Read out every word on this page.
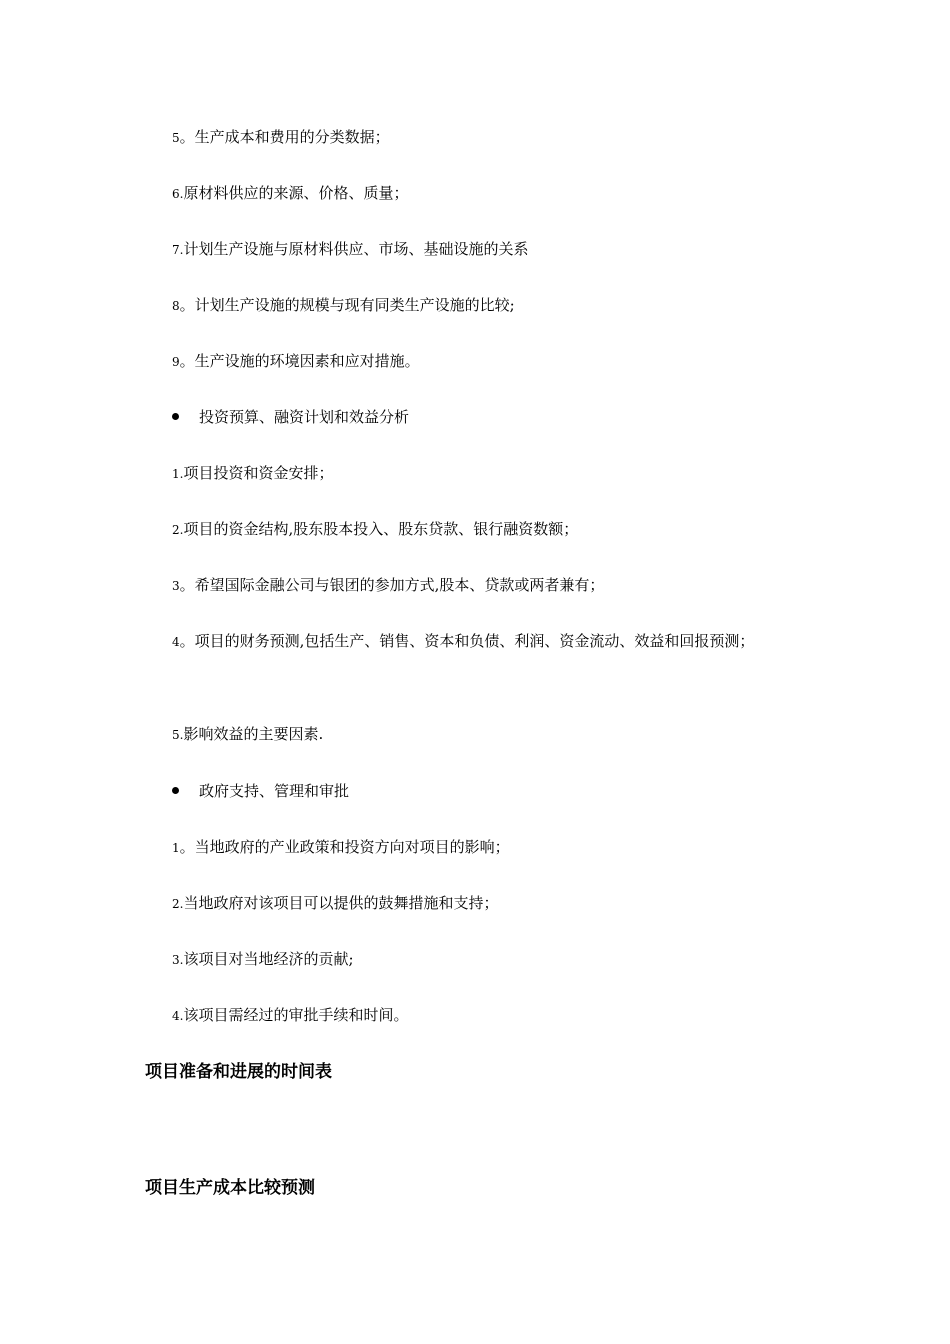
5。生产成本和费用的分类数据；
6.原材料供应的来源、价格、质量；
7.计划生产设施与原材料供应、市场、基础设施的关系
8。计划生产设施的规模与现有同类生产设施的比较;
9。生产设施的环境因素和应对措施。
投资预算、融资计划和效益分析
1.项目投资和资金安排；
2.项目的资金结构,股东股本投入、股东贷款、银行融资数额；
3。希望国际金融公司与银团的参加方式,股本、贷款或两者兼有；
4。项目的财务预测,包括生产、销售、资本和负债、利润、资金流动、效益和回报预测；
5.影响效益的主要因素.
政府支持、管理和审批
1。当地政府的产业政策和投资方向对项目的影响；
2.当地政府对该项目可以提供的鼓舞措施和支持；
3.该项目对当地经济的贡献;
4.该项目需经过的审批手续和时间。
项目准备和进展的时间表
项目生产成本比较预测
